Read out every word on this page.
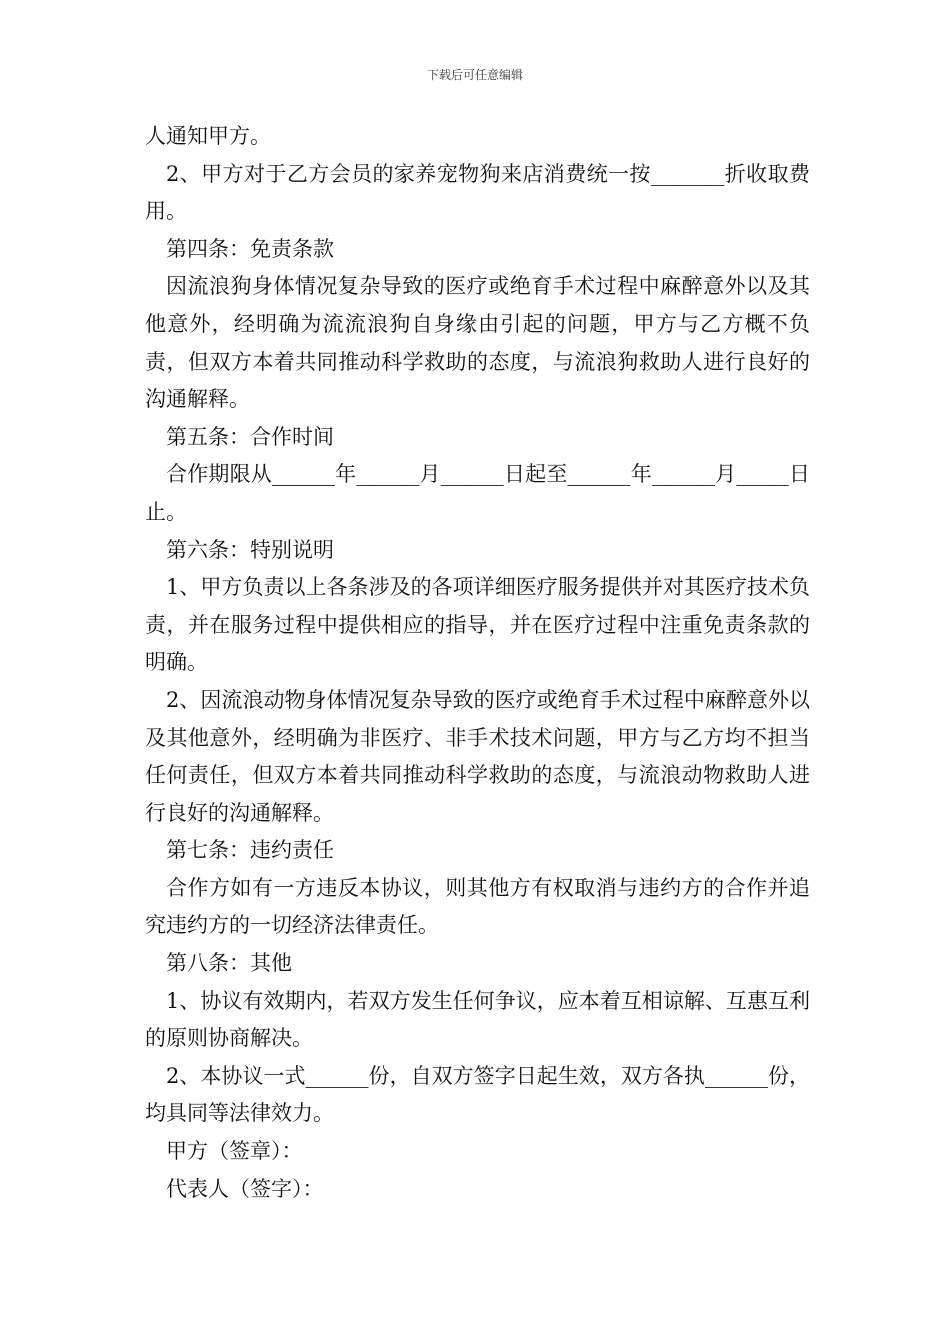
下载后可任意编辑

人通知甲方。

2、甲方对于乙方会员的家养宠物狗来店消费统一按_______折收取费用。

第四条：免责条款

因流浪狗身体情况复杂导致的医疗或绝育手术过程中麻醉意外以及其他意外，经明确为流流浪狗自身缘由引起的问题，甲方与乙方概不负责，但双方本着共同推动科学救助的态度，与流浪狗救助人进行良好的沟通解释。

第五条：合作时间

合作期限从______年______月______日起至______年______月_____日止。

第六条：特别说明

1、甲方负责以上各条涉及的各项详细医疗服务提供并对其医疗技术负责，并在服务过程中提供相应的指导，并在医疗过程中注重免责条款的明确。

2、因流浪动物身体情况复杂导致的医疗或绝育手术过程中麻醉意外以及其他意外，经明确为非医疗、非手术技术问题，甲方与乙方均不担当任何责任，但双方本着共同推动科学救助的态度，与流浪动物救助人进行良好的沟通解释。

第七条：违约责任

合作方如有一方违反本协议，则其他方有权取消与违约方的合作并追究违约方的一切经济法律责任。

第八条：其他

1、协议有效期内，若双方发生任何争议，应本着互相谅解、互惠互利的原则协商解决。

2、本协议一式______份，自双方签字日起生效，双方各执______份，均具同等法律效力。

甲方（签章）：

代表人（签字）：
